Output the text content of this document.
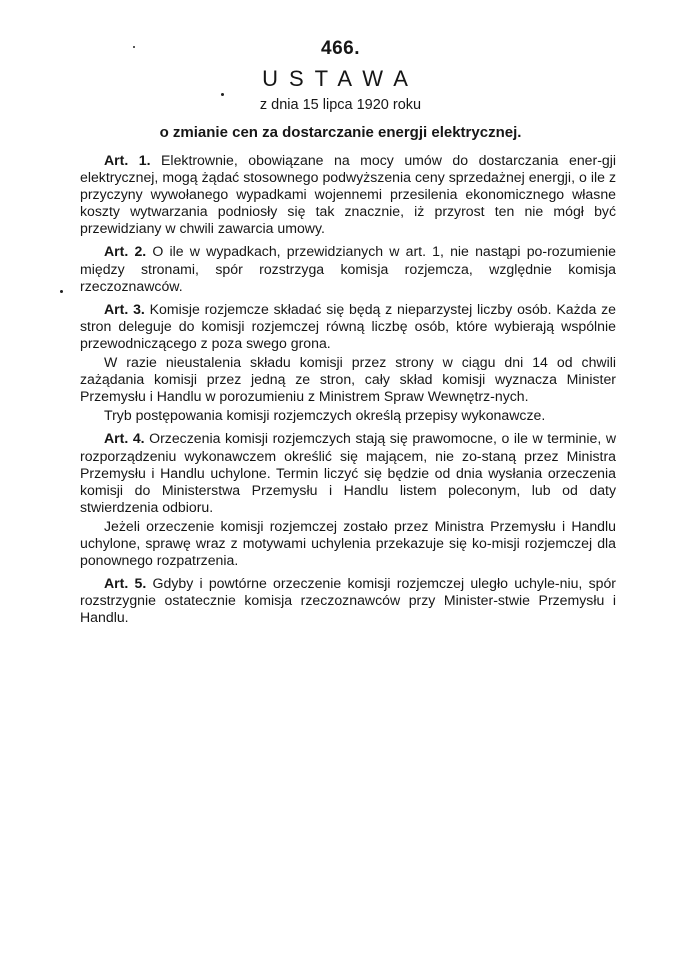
466.
USTAWA
z dnia 15 lipca 1920 roku
o zmianie cen za dostarczanie energji elektrycznej.

Art. 1. Elektrownie, obowiązane na mocy umów do dostarczania ener-gji elektrycznej, mogą żądać stosownego podwyższenia ceny sprzedażnej energji, o ile z przyczyny wywołanego wypadkami wojennemi przesilenia ekonomicznego własne koszty wytwarzania podniosły się tak znacznie, iż przyrost ten nie mógł być przewidziany w chwili zawarcia umowy.

Art. 2. O ile w wypadkach, przewidzianych w art. 1, nie nastąpi po-rozumienie między stronami, spór rozstrzyga komisja rozjemcza, względnie komisja rzeczoznawców.

Art. 3. Komisje rozjemcze składać się będą z nieparzystej liczby osób. Każda ze stron deleguje do komisji rozjemczej równą liczbę osób, które wybierają wspólnie przewodniczącego z poza swego grona.

W razie nieustalenia składu komisji przez strony w ciągu dni 14 od chwili zażądania komisji przez jedną ze stron, cały skład komisji wyznacza Minister Przemysłu i Handlu w porozumieniu z Ministrem Spraw Wewnętrz-nych.

Tryb postępowania komisji rozjemczych określą przepisy wykonawcze.

Art. 4. Orzeczenia komisji rozjemczych stają się prawomocne, o ile w terminie, w rozporządzeniu wykonawczem określić się mającem, nie zo-staną przez Ministra Przemysłu i Handlu uchylone. Termin liczyć się będzie od dnia wysłania orzeczenia komisji do Ministerstwa Przemysłu i Handlu listem poleconym, lub od daty stwierdzenia odbioru.

Jeżeli orzeczenie komisji rozjemczej zostało przez Ministra Przemysłu i Handlu uchylone, sprawę wraz z motywami uchylenia przekazuje się ko-misji rozjemczej dla ponownego rozpatrzenia.

Art. 5. Gdyby i powtórne orzeczenie komisji rozjemczej uległo uchyle-niu, spór rozstrzygnie ostatecznie komisja rzeczoznawców przy Minister-stwie Przemysłu i Handlu.
